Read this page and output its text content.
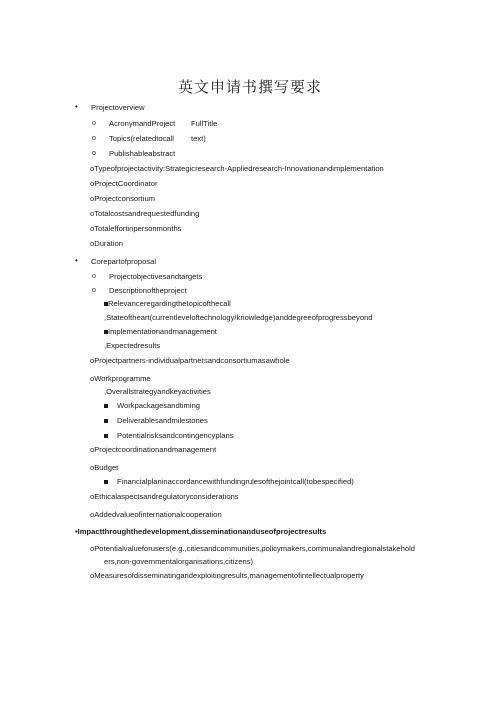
英文申请书撰写要求
• Projectoverview
ο AcronymandProject FullTitle
ο Topics(relatedtocall text)
ο Publishableabstract
oTypeofprojectactivity:Strategicresearch-Appliedresearch-Innovationandimplementation
oProjectCoordinator
oProjectconsortium
oTotalcostsandrequestedfunding
oTotaleffortinpersonmonths
oDuration
• Corepartofproposal
ο Projectobjectivesandtargets
ο Descriptionoftheproject
Relevanceregardingthetopicofthecall
,Stateoftheart(currentleveloftechnology/knowledge)anddegreeofprogressbeyond
Implementationandmanagement
,Expectedresults
oProjectpartners-individualpartnersandconsortiumasawhole
oWorkprogramme
,Overallstrategyandkeyactivities
Workpackagesandtiming
Deliverablesandmilestones
Potentialrisksandcontingencyplans
oProjectcoordinationandmanagement
oBudget
Financialplaninaccordancewithfundingrulesofthejointcall(tobespecified)
oEthicalaspectsandregulatoryconsiderations
oAddedvalueofinternationalcooperation
•Impactthroughthedevelopment,disseminationanduseofprojectresults
oPotentialvalueforusers(e.g.,citiesandcommunities,policymakers,communalandregionalstakehold
ers,non-governmentalorganisations,citizens)
oMeasuresofdisseminatingandexploitingresults,managementofintellectualproperty
